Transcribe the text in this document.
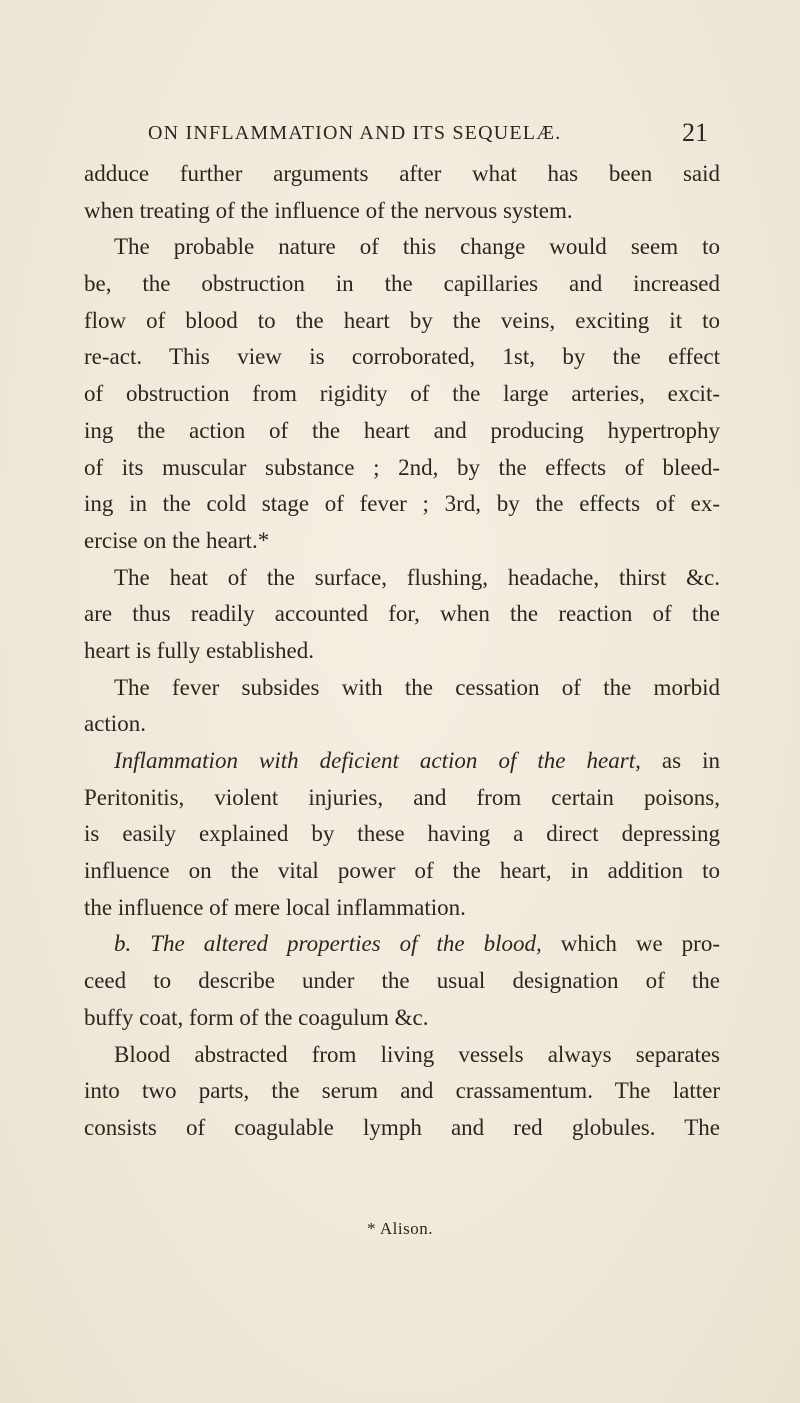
ON INFLAMMATION AND ITS SEQUELÆ.	21
adduce further arguments after what has been said
when treating of the influence of the nervous system.
The probable nature of this change would seem to
be, the obstruction in the capillaries and increased
flow of blood to the heart by the veins, exciting it to
re-act. This view is corroborated, 1st, by the effect
of obstruction from rigidity of the large arteries, excit-
ing the action of the heart and producing hypertrophy
of its muscular substance ; 2nd, by the effects of bleed-
ing in the cold stage of fever ; 3rd, by the effects of ex-
ercise on the heart.*
The heat of the surface, flushing, headache, thirst &c.
are thus readily accounted for, when the reaction of the
heart is fully established.
The fever subsides with the cessation of the morbid
action.
Inflammation with deficient action of the heart, as in
Peritonitis, violent injuries, and from certain poisons,
is easily explained by these having a direct depressing
influence on the vital power of the heart, in addition to
the influence of mere local inflammation.
b. The altered properties of the blood, which we pro-
ceed to describe under the usual designation of the
buffy coat, form of the coagulum &c.
Blood abstracted from living vessels always separates
into two parts, the serum and crassamentum. The latter
consists of coagulable lymph and red globules. The
* Alison.
